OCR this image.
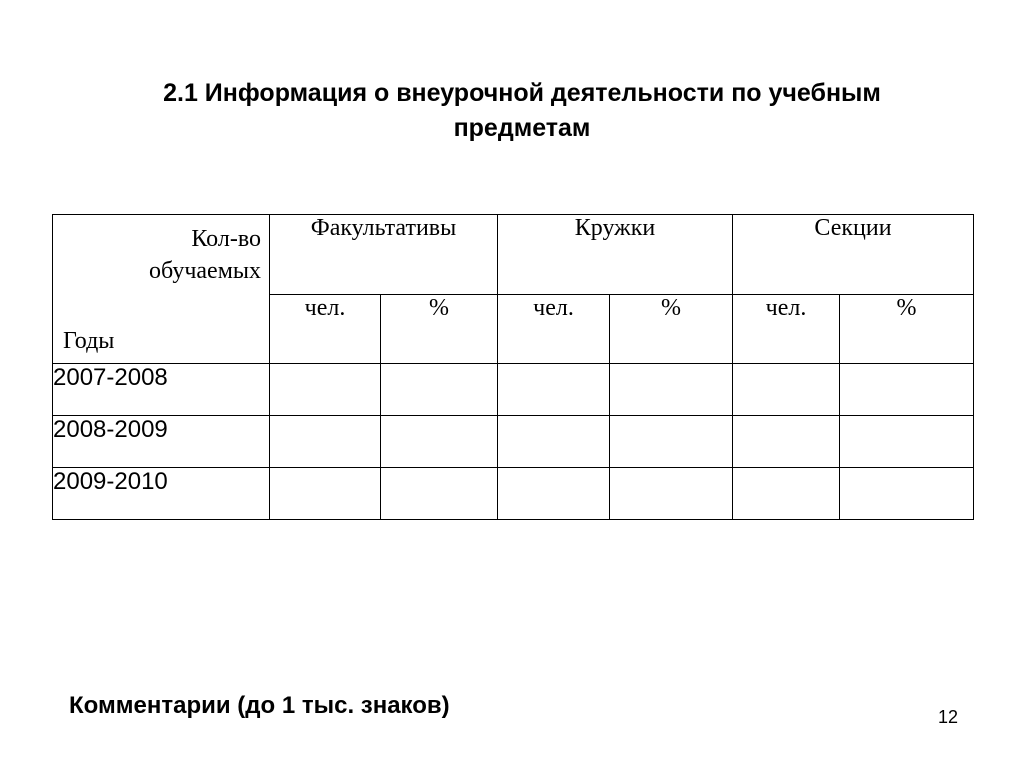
2.1 Информация о внеурочной деятельности по учебным
предметам
Кол-во
обучаемых
Годы	Факультативы		Кружки		Секции	
	чел.	%	чел.	%	чел.	%
2007-2008						
2008-2009						
2009-2010						

Комментарии (до 1 тыс. знаков)	12
